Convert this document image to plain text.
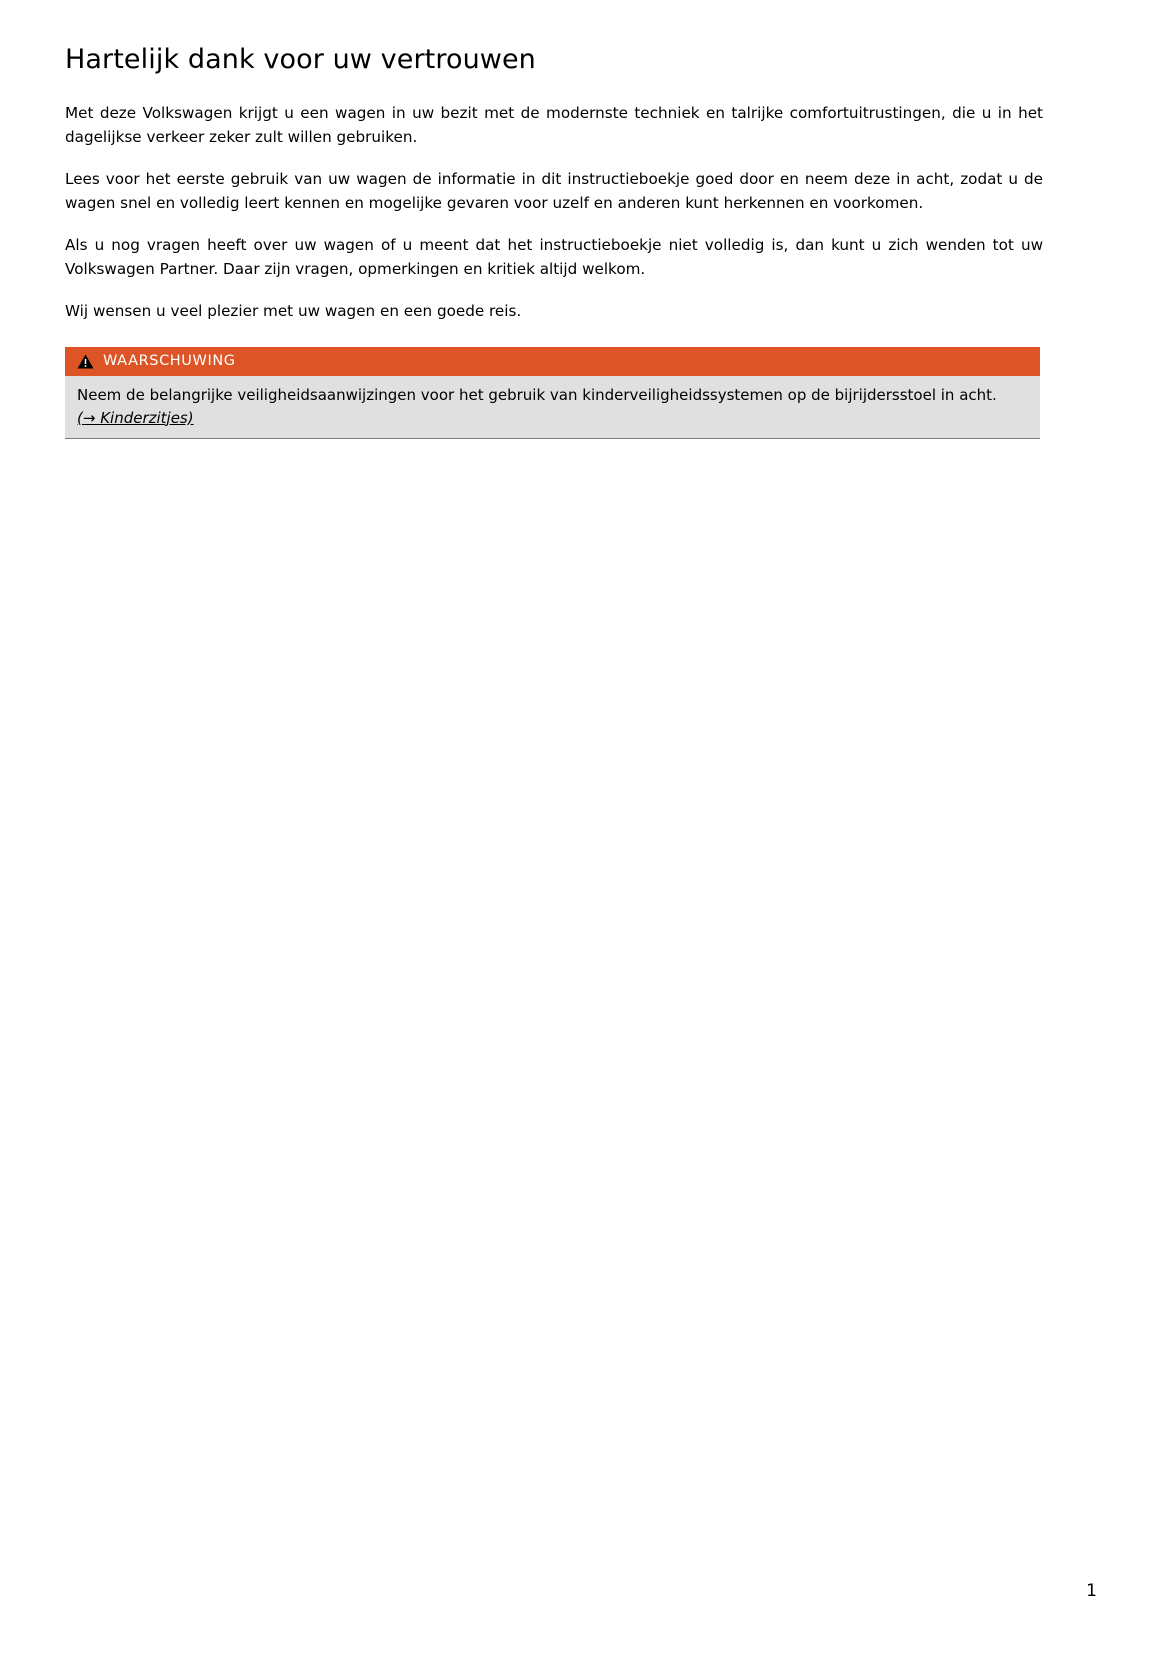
Hartelijk dank voor uw vertrouwen

Met deze Volkswagen krijgt u een wagen in uw bezit met de modernste techniek en talrijke comfortuitrustingen, die u in het dagelijkse verkeer zeker zult willen gebruiken.

Lees voor het eerste gebruik van uw wagen de informatie in dit instructieboekje goed door en neem deze in acht, zodat u de wagen snel en volledig leert kennen en mogelijke gevaren voor uzelf en anderen kunt herkennen en voorkomen.

Als u nog vragen heeft over uw wagen of u meent dat het instructieboekje niet volledig is, dan kunt u zich wenden tot uw Volkswagen Partner. Daar zijn vragen, opmerkingen en kritiek altijd welkom.

Wij wensen u veel plezier met uw wagen en een goede reis.

WAARSCHUWING
Neem de belangrijke veiligheidsaanwijzingen voor het gebruik van kinderveiligheidssystemen op de bijrijdersstoel in acht.
(→ Kinderzitjes)
1
